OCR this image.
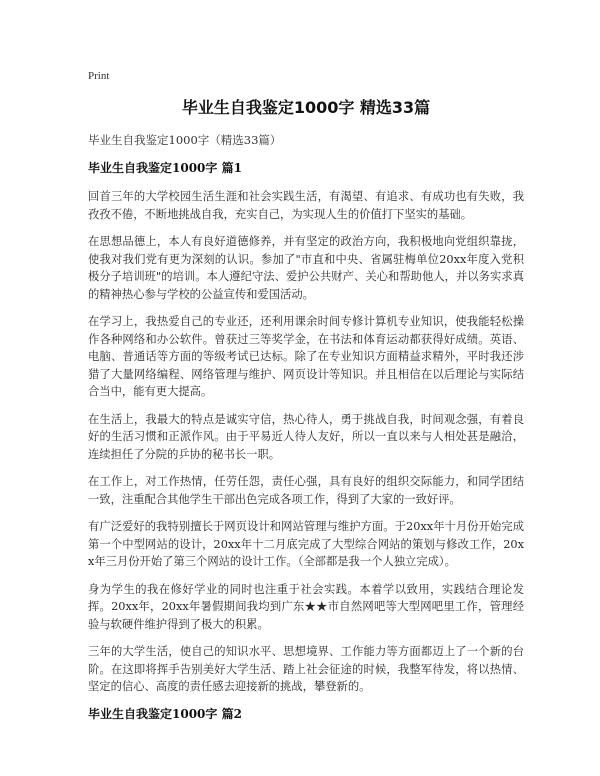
Print
毕业生自我鉴定1000字 精选33篇
毕业生自我鉴定1000字（精选33篇）
毕业生自我鉴定1000字 篇1

回首三年的大学校园生活生涯和社会实践生活，有渴望、有追求、有成功也有失败，我孜孜不倦，不断地挑战自我，充实自己，为实现人生的价值打下坚实的基础。

在思想品德上，本人有良好道德修养，并有坚定的政治方向，我积极地向党组织靠拢，使我对我们党有更为深刻的认识。参加了"市直和中央、省属驻梅单位20xx年度入党积极分子培训班"的培训。本人遵纪守法、爱护公共财产、关心和帮助他人，并以务实求真的精神热心参与学校的公益宣传和爱国活动。

在学习上，我热爱自己的专业还，还利用课余时间专修计算机专业知识，使我能轻松操作各种网络和办公软件。曾获过三等奖学金，在书法和体育运动都获得好成绩。英语、电脑、普通话等方面的等级考试已达标。除了在专业知识方面精益求精外，平时我还涉猎了大量网络编程、网络管理与维护、网页设计等知识。并且相信在以后理论与实际结合当中，能有更大提高。

在生活上，我最大的特点是诚实守信，热心待人，勇于挑战自我，时间观念强，有着良好的生活习惯和正派作风。由于平易近人待人友好，所以一直以来与人相处甚是融洽，连续担任了分院的乒协的秘书长一职。

在工作上，对工作热情，任劳任怨，责任心强，具有良好的组织交际能力，和同学团结一致，注重配合其他学生干部出色完成各项工作，得到了大家的一致好评。

有广泛爱好的我特别擅长于网页设计和网站管理与维护方面。于20xx年十月份开始完成第一个中型网站的设计，20xx年十二月底完成了大型综合网站的策划与修改工作，20xx年三月份开始了第三个网站的设计工作。（全部都是我一个人独立完成）。

身为学生的我在修好学业的同时也注重于社会实践。本着学以致用，实践结合理论发挥。20xx年，20xx年暑假期间我均到广东★★市自然网吧等大型网吧里工作，管理经验与软硬件维护得到了极大的积累。

三年的大学生活，使自己的知识水平、思想境界、工作能力等方面都迈上了一个新的台阶。在这即将挥手告别美好大学生活、踏上社会征途的时候，我整军待发，将以热情、坚定的信心、高度的责任感去迎接新的挑战，攀登新的。

毕业生自我鉴定1000字 篇2
